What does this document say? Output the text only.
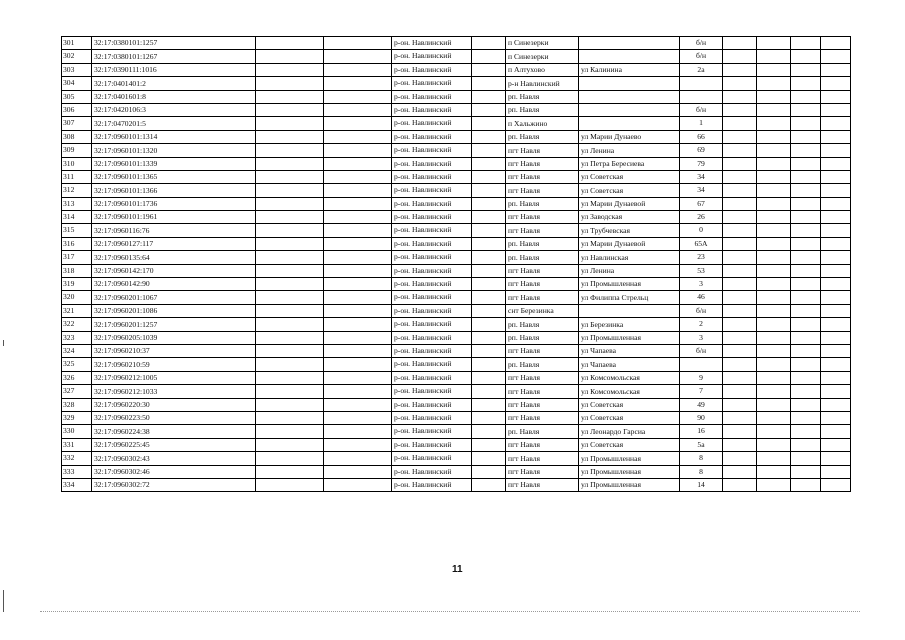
301	32:17:0380101:1257			р-он. Навлинский		п Синезерки		б/н				
302	32:17:0380101:1267			р-он. Навлинский		п Синезерки		б/н				
303	32:17:0390111:1016			р-он. Навлинский		п Алтухово	ул Калинина	2а				
304	32:17:0401401:2			р-он. Навлинский		р-н Навлинский						
305	32:17:0401601:8			р-он. Навлинский		рп. Навля						
306	32:17:0420106:3			р-он. Навлинский		рп. Навля		б/н				
307	32:17:0470201:5			р-он. Навлинский		п Хальжино		1				
308	32:17:0960101:1314			р-он. Навлинский		рп. Навля	ул Марии Дунаево	66				
309	32:17:0960101:1320			р-он. Навлинский		пгт Навля	ул Ленина	69				
310	32:17:0960101:1339			р-он. Навлинский		пгт Навля	ул Петра Бересиева	79				
311	32:17:0960101:1365			р-он. Навлинский		пгт Навля	ул Советская	34				
312	32:17:0960101:1366			р-он. Навлинский		пгт Навля	ул Советская	34				
313	32:17:0960101:1736			р-он. Навлинский		рп. Навля	ул Марии Дунаевой	67				
314	32:17:0960101:1961			р-он. Навлинский		пгт Навля	ул Заводская	26				
315	32:17:0960116:76			р-он. Навлинский		пгт Навля	ул Трубчевская	0				
316	32:17:0960127:117			р-он. Навлинский		рп. Навля	ул Марии Дунаевой	65А				
317	32:17:0960135:64			р-он. Навлинский		рп. Навля	ул Навлинская	23				
318	32:17:0960142:170			р-он. Навлинский		пгт Навля	ул Ленина	53				
319	32:17:0960142:90			р-он. Навлинский		пгт Навля	ул Промышленная	3				
320	32:17:0960201:1067			р-он. Навлинский		пгт Навля	ул Филиппа Стрельц	46				
321	32:17:0960201:1086			р-он. Навлинский		снт Березинка		б/н				
322	32:17:0960201:1257			р-он. Навлинский		рп. Навля	ул Березинка	2				
323	32:17:0960205:1039			р-он. Навлинский		рп. Навля	ул Промышленная	3				
324	32:17:0960210:37			р-он. Навлинский		пгт Навля	ул Чапаева	б/н				
325	32:17:0960210:59			р-он. Навлинский		рп. Навля	ул Чапаева					
326	32:17:0960212:1005			р-он. Навлинский		пгт Навля	ул Комсомольская	9				
327	32:17:0960212:1033			р-он. Навлинский		пгт Навля	ул Комсомольская	7				
328	32:17:0960220:30			р-он. Навлинский		пгт Навля	ул Советская	49				
329	32:17:0960223:50			р-он. Навлинский		пгт Навля	ул Советская	90				
330	32:17:0960224:38			р-он. Навлинский		рп. Навля	ул Леонардо Гарсиа	16				
331	32:17:0960225:45			р-он. Навлинский		пгт Навля	ул Советская	5а				
332	32:17:0960302:43			р-он. Навлинский		пгт Навля	ул Промышленная	8				
333	32:17:0960302:46			р-он. Навлинский		пгт Навля	ул Промышленная	8				
334	32:17:0960302:72			р-он. Навлинский		пгт Навля	ул Промышленная	14				
11
